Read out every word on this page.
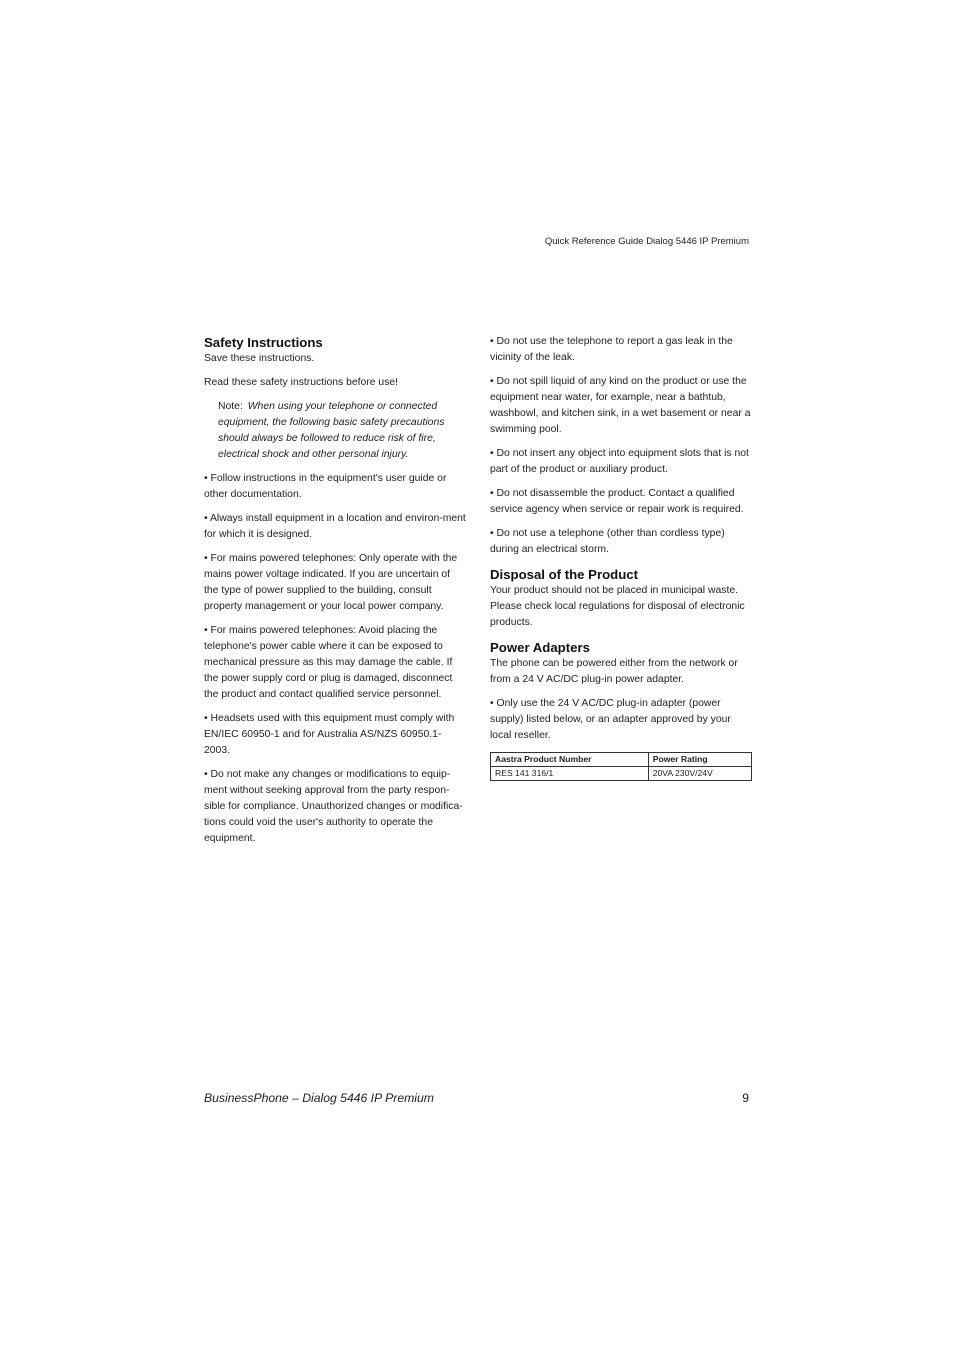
Quick Reference Guide Dialog 5446 IP Premium
Safety Instructions

Save these instructions.

Read these safety instructions before use!

Note: When using your telephone or connected equipment, the following basic safety precautions should always be followed to reduce risk of fire, electrical shock and other personal injury.

• Follow instructions in the equipment's user guide or other documentation.

• Always install equipment in a location and environ-ment for which it is designed.

• For mains powered telephones: Only operate with the mains power voltage indicated. If you are uncertain of the type of power supplied to the building, consult property management or your local power company.

• For mains powered telephones: Avoid placing the telephone's power cable where it can be exposed to mechanical pressure as this may damage the cable. If the power supply cord or plug is damaged, disconnect the product and contact qualified service personnel.

• Headsets used with this equipment must comply with EN/IEC 60950-1 and for Australia AS/NZS 60950.1-2003.

• Do not make any changes or modifications to equip-ment without seeking approval from the party respon-sible for compliance. Unauthorized changes or modifica-tions could void the user's authority to operate the equipment.

• Do not use the telephone to report a gas leak in the vicinity of the leak.

• Do not spill liquid of any kind on the product or use the equipment near water, for example, near a bathtub, washbowl, and kitchen sink, in a wet basement or near a swimming pool.

• Do not insert any object into equipment slots that is not part of the product or auxiliary product.

• Do not disassemble the product. Contact a qualified service agency when service or repair work is required.

• Do not use a telephone (other than cordless type) during an electrical storm.

Disposal of the Product

Your product should not be placed in municipal waste. Please check local regulations for disposal of electronic products.

Power Adapters

The phone can be powered either from the network or from a 24 V AC/DC plug-in power adapter.

• Only use the 24 V AC/DC plug-in adapter (power supply) listed below, or an adapter approved by your local reseller.

Aastra Product Number	Power Rating
RES 141 316/1	20VA 230V/24V
BusinessPhone – Dialog 5446 IP Premium	9
